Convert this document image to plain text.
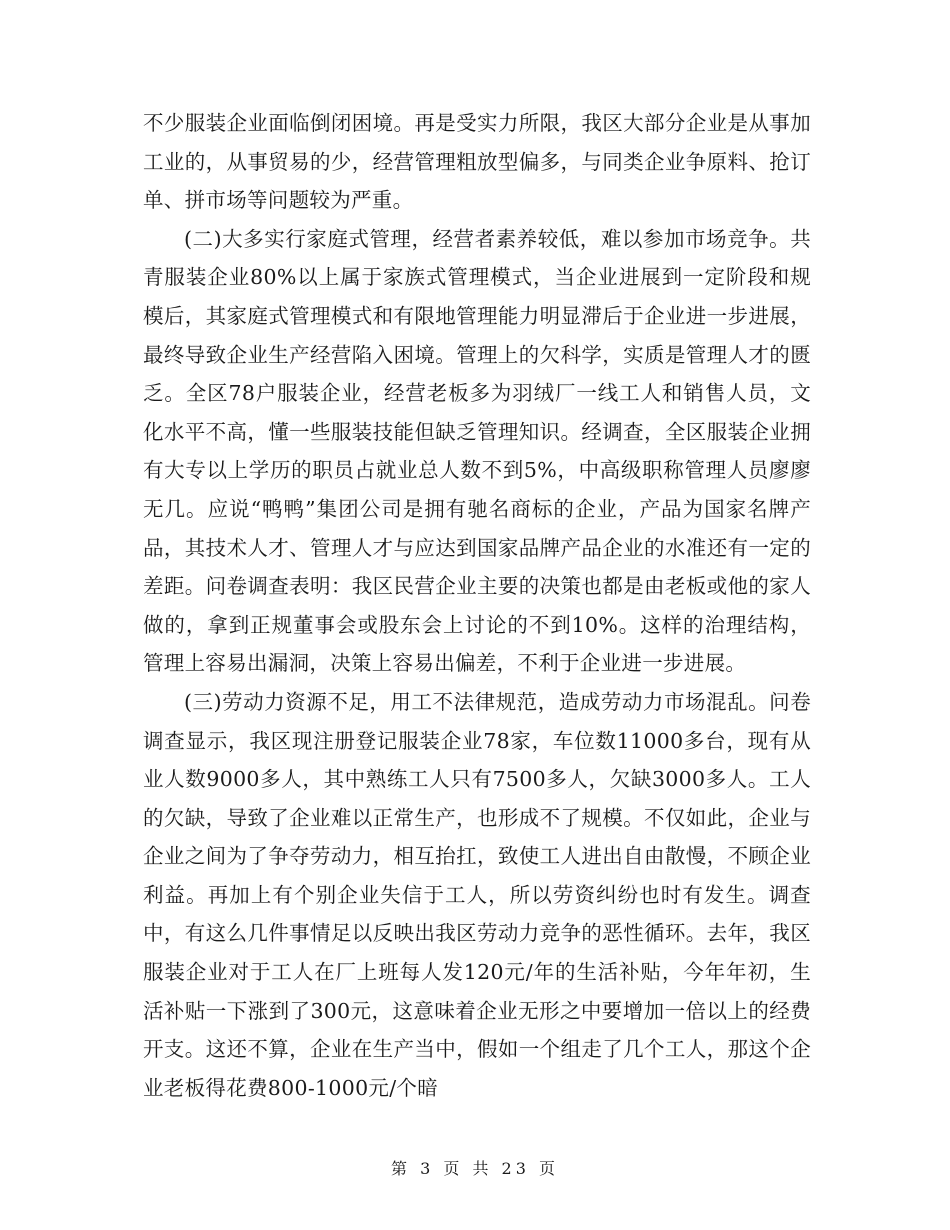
不少服装企业面临倒闭困境。再是受实力所限，我区大部分企业是从事加工业的，从事贸易的少，经营管理粗放型偏多，与同类企业争原料、抢订单、拼市场等问题较为严重。

(二)大多实行家庭式管理，经营者素养较低，难以参加市场竞争。共青服装企业80%以上属于家族式管理模式，当企业进展到一定阶段和规模后，其家庭式管理模式和有限地管理能力明显滞后于企业进一步进展，最终导致企业生产经营陷入困境。管理上的欠科学，实质是管理人才的匮乏。全区78户服装企业，经营老板多为羽绒厂一线工人和销售人员，文化水平不高，懂一些服装技能但缺乏管理知识。经调查，全区服装企业拥有大专以上学历的职员占就业总人数不到5%，中高级职称管理人员廖廖无几。应说“鸭鸭”集团公司是拥有驰名商标的企业，产品为国家名牌产品，其技术人才、管理人才与应达到国家品牌产品企业的水准还有一定的差距。问卷调查表明：我区民营企业主要的决策也都是由老板或他的家人做的，拿到正规董事会或股东会上讨论的不到10%。这样的治理结构，管理上容易出漏洞，决策上容易出偏差，不利于企业进一步进展。

(三)劳动力资源不足，用工不法律规范，造成劳动力市场混乱。问卷调查显示，我区现注册登记服装企业78家，车位数11000多台，现有从业人数9000多人，其中熟练工人只有7500多人，欠缺3000多人。工人的欠缺，导致了企业难以正常生产，也形成不了规模。不仅如此，企业与企业之间为了争夺劳动力，相互抬扛，致使工人进出自由散慢，不顾企业利益。再加上有个别企业失信于工人，所以劳资纠纷也时有发生。调查中，有这么几件事情足以反映出我区劳动力竞争的恶性循环。去年，我区服装企业对于工人在厂上班每人发120元/年的生活补贴，今年年初，生活补贴一下涨到了300元，这意味着企业无形之中要增加一倍以上的经费开支。这还不算，企业在生产当中，假如一个组走了几个工人，那这个企业老板得花费800-1000元/个暗

第 3 页 共 23 页
